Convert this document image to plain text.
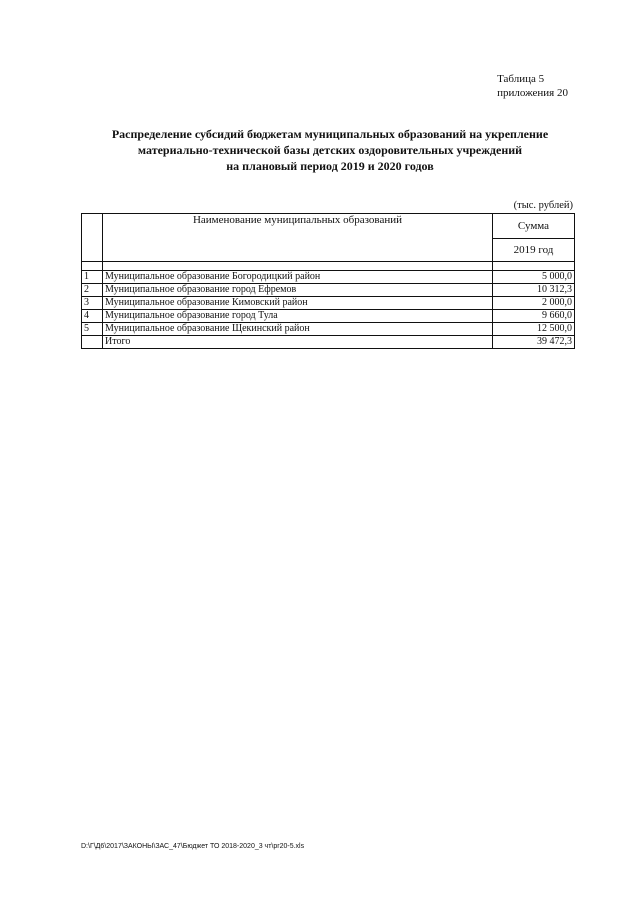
Таблица 5
приложения 20
Распределение субсидий бюджетам муниципальных образований на укрепление
материально-технической базы детских оздоровительных учреждений
на плановый период 2019 и 2020 годов
(тыс. рублей)
	Наименование муниципальных образований	Сумма
		2019 год

1	Муниципальное образование Богородицкий район	5 000,0
2	Муниципальное образование город Ефремов	10 312,3
3	Муниципальное образование Кимовский район	2 000,0
4	Муниципальное образование город Тула	9 660,0
5	Муниципальное образование Щекинский район	12 500,0
	Итого	39 472,3
D:\Г\Д6\2017\ЗАКОНЫ\ЗАС_47\Бюджет ТО 2018-2020_3 чт\pr20-5.xls
